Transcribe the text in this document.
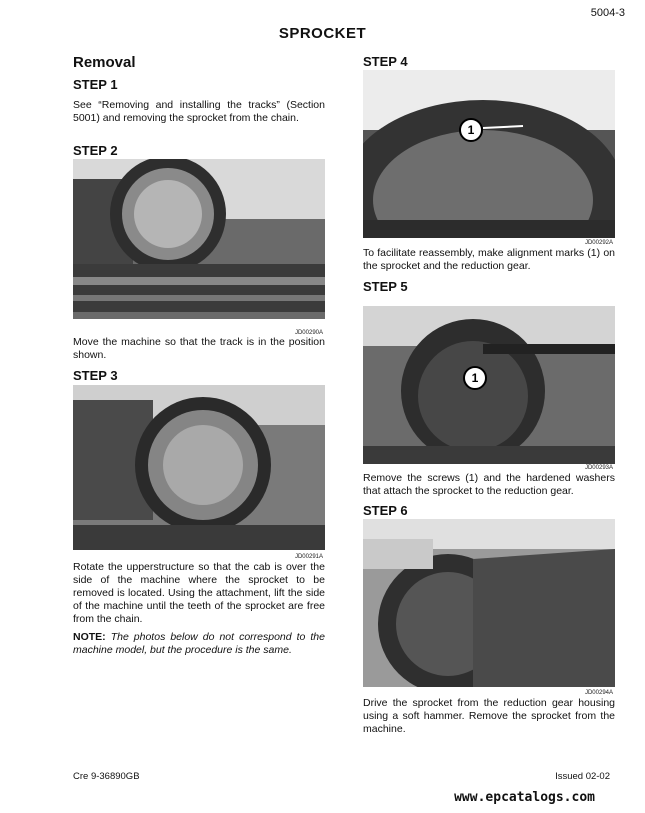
5004-3
SPROCKET
Removal
STEP 1
See “Removing and installing the tracks” (Section 5001) and removing the sprocket from the chain.
STEP 2
JD00290A
Move the machine so that the track is in the position shown.
STEP 3
JD00291A
Rotate the upperstructure so that the cab is over the side of the machine where the sprocket to be removed is located. Using the attachment, lift the side of the machine until the teeth of the sprocket are free from the chain.
NOTE: The photos below do not correspond to the machine model, but the procedure is the same.
STEP 4
1
JD00292A
To facilitate reassembly, make alignment marks (1) on the sprocket and the reduction gear.
STEP 5
1
JD00293A
Remove the screws (1) and the hardened washers that attach the sprocket to the reduction gear.
STEP 6
JD00294A
Drive the sprocket from the reduction gear housing using a soft hammer. Remove the sprocket from the machine.
Cre 9-36890GB	Issued 02-02
www.epcatalogs.com
